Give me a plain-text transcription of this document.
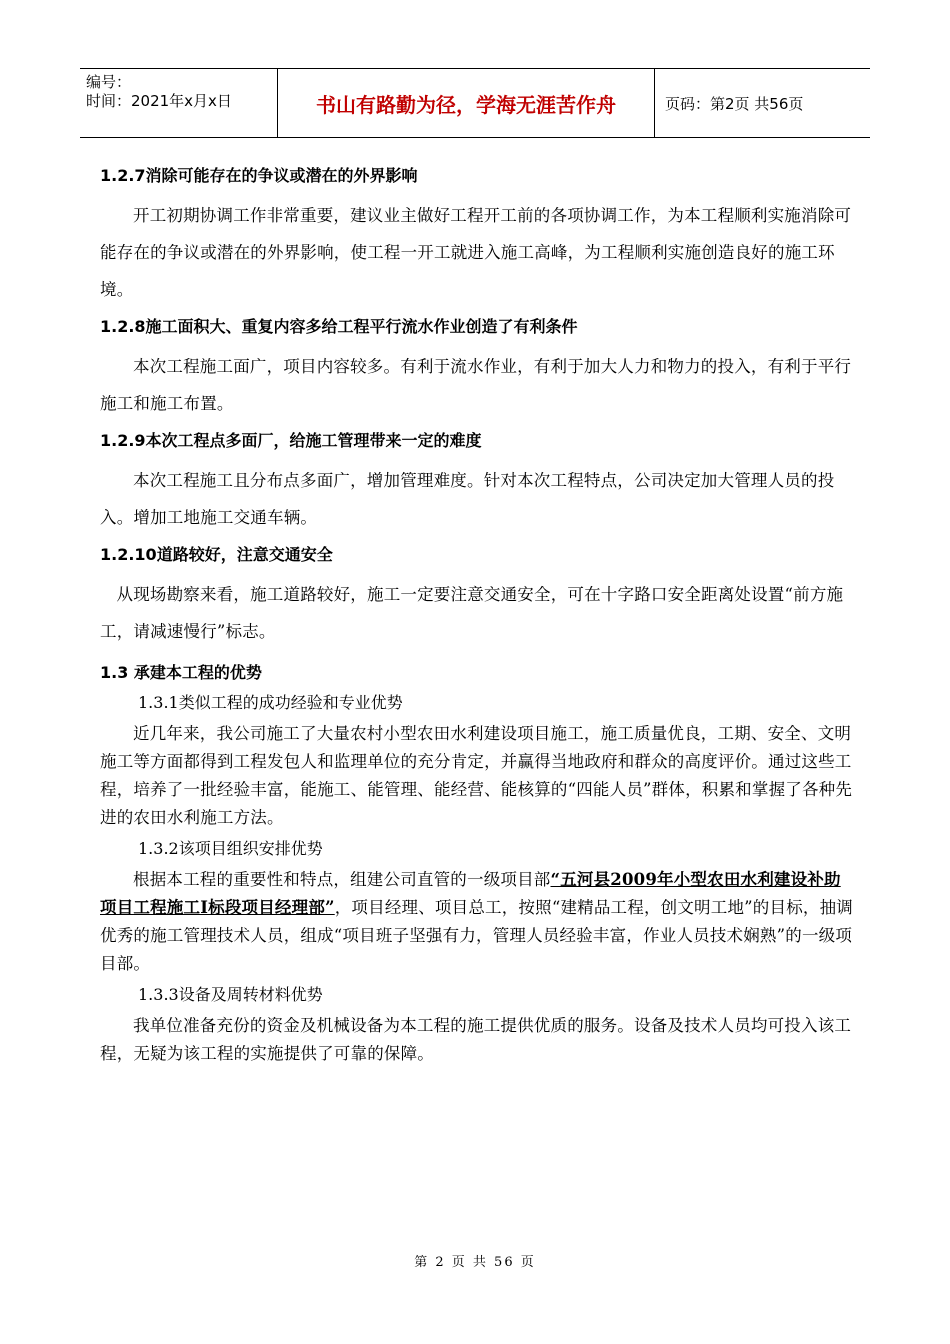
编号：
时间：2021年x月x日	书山有路勤为径，学海无涯苦作舟	页码：第2页 共56页
1.2.7消除可能存在的争议或潜在的外界影响
开工初期协调工作非常重要，建议业主做好工程开工前的各项协调工作，为本工程顺利实施消除可能存在的争议或潜在的外界影响，使工程一开工就进入施工高峰，为工程顺利实施创造良好的施工环境。
1.2.8施工面积大、重复内容多给工程平行流水作业创造了有利条件
本次工程施工面广，项目内容较多。有利于流水作业，有利于加大人力和物力的投入，有利于平行施工和施工布置。
1.2.9本次工程点多面厂，给施工管理带来一定的难度
本次工程施工且分布点多面广，增加管理难度。针对本次工程特点，公司决定加大管理人员的投入。增加工地施工交通车辆。
1.2.10道路较好，注意交通安全
从现场勘察来看，施工道路较好，施工一定要注意交通安全，可在十字路口安全距离处设置“前方施工，请减速慢行”标志。
1.3 承建本工程的优势
1.3.1类似工程的成功经验和专业优势
近几年来，我公司施工了大量农村小型农田水利建设项目施工，施工质量优良，工期、安全、文明施工等方面都得到工程发包人和监理单位的充分肯定，并赢得当地政府和群众的高度评价。通过这些工程，培养了一批经验丰富，能施工、能管理、能经营、能核算的“四能人员”群体，积累和掌握了各种先进的农田水利施工方法。
1.3.2该项目组织安排优势
根据本工程的重要性和特点，组建公司直管的一级项目部“五河县2009年小型农田水利建设补助项目工程施工Ⅰ标段项目经理部”，项目经理、项目总工，按照“建精品工程，创文明工地”的目标，抽调优秀的施工管理技术人员，组成“项目班子坚强有力，管理人员经验丰富，作业人员技术娴熟”的一级项目部。
1.3.3设备及周转材料优势
我单位准备充份的资金及机械设备为本工程的施工提供优质的服务。设备及技术人员均可投入该工程，无疑为该工程的实施提供了可靠的保障。
第 2 页 共 56 页
